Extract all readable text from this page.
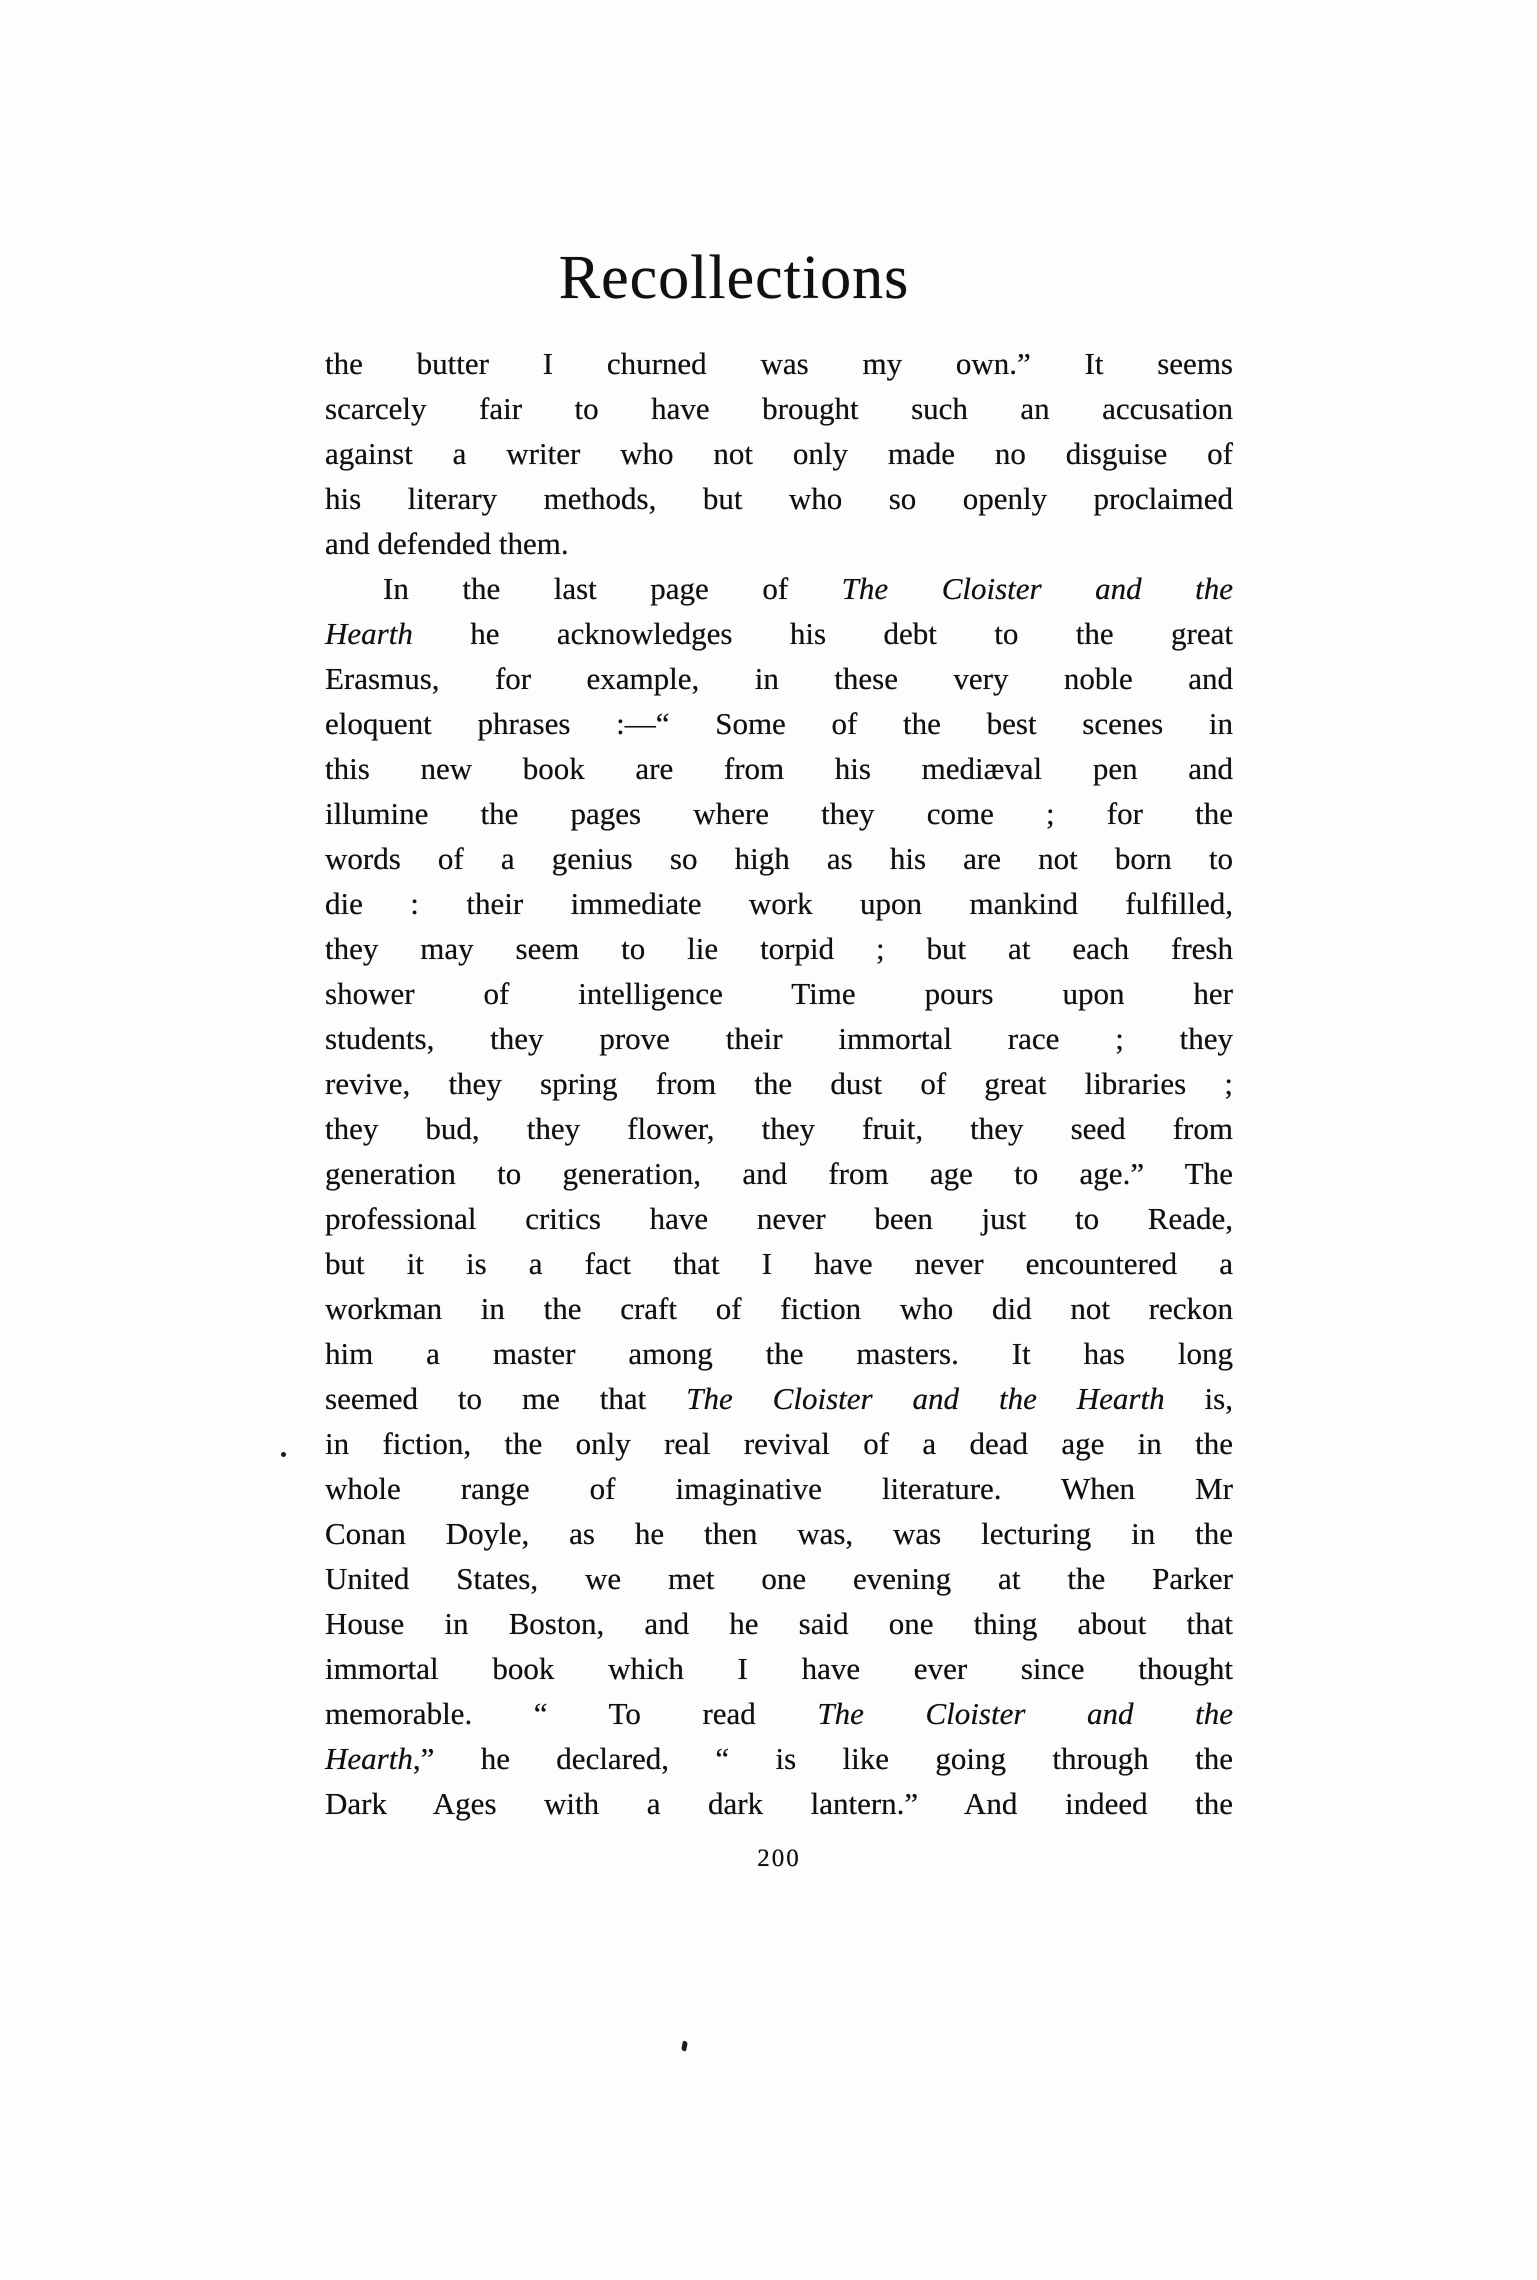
Recollections
the butter I churned was my own.” It seems
scarcely fair to have brought such an accusation
against a writer who not only made no disguise of
his literary methods, but who so openly proclaimed
and defended them.
In the last page of The Cloister and the
Hearth he acknowledges his debt to the great
Erasmus, for example, in these very noble and
eloquent phrases :—“ Some of the best scenes in
this new book are from his mediæval pen and
illumine the pages where they come ; for the
words of a genius so high as his are not born to
die : their immediate work upon mankind fulfilled,
they may seem to lie torpid ; but at each fresh
shower of intelligence Time pours upon her
students, they prove their immortal race ; they
revive, they spring from the dust of great libraries ;
they bud, they flower, they fruit, they seed from
generation to generation, and from age to age.” The
professional critics have never been just to Reade,
but it is a fact that I have never encountered a
workman in the craft of fiction who did not reckon
him a master among the masters. It has long
seemed to me that The Cloister and the Hearth is,
in fiction, the only real revival of a dead age in the
whole range of imaginative literature. When Mr
Conan Doyle, as he then was, was lecturing in the
United States, we met one evening at the Parker
House in Boston, and he said one thing about that
immortal book which I have ever since thought
memorable. “ To read The Cloister and the
Hearth,” he declared, “ is like going through the
Dark Ages with a dark lantern.” And indeed the
200
